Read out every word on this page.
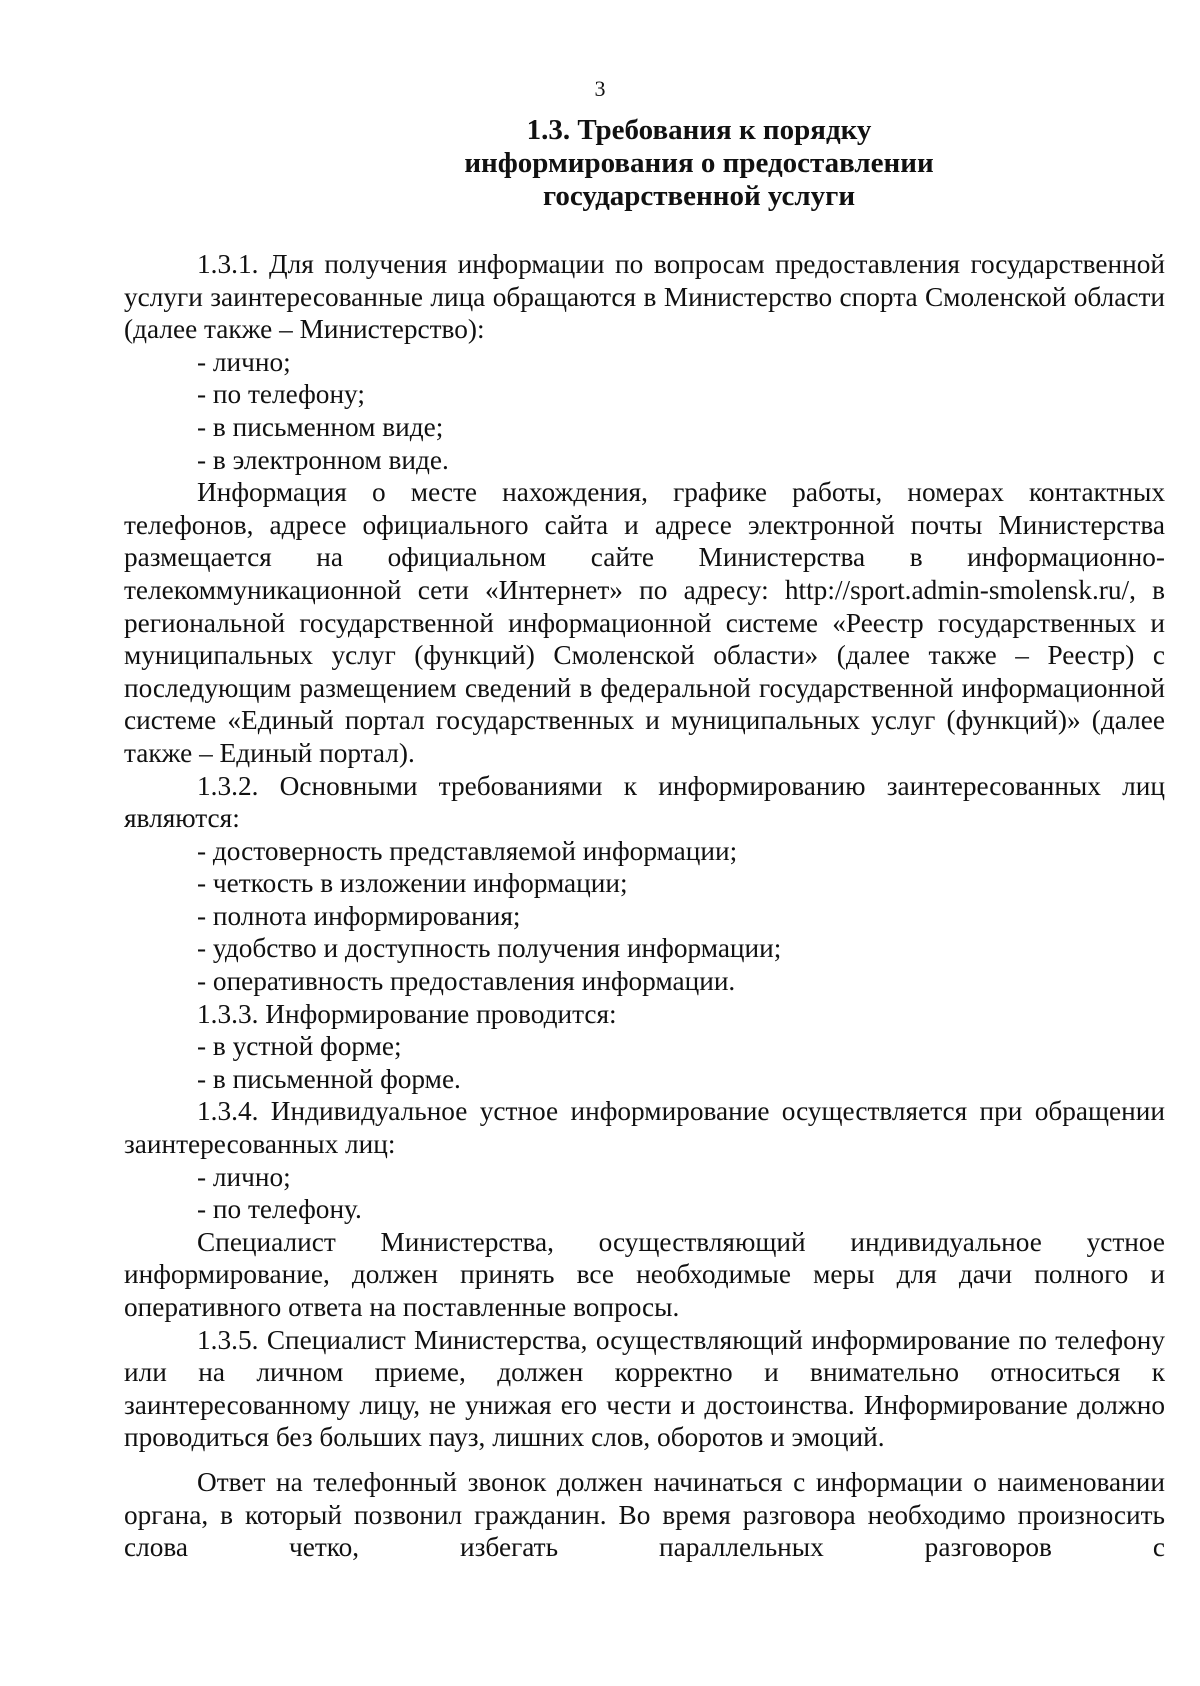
3
1.3. Требования к порядку
информирования о предоставлении
государственной услуги

1.3.1. Для получения информации по вопросам предоставления государственной услуги заинтересованные лица обращаются в Министерство спорта Смоленской области (далее также – Министерство):

- лично;

- по телефону;

- в письменном виде;

- в электронном виде.

Информация о месте нахождения, графике работы, номерах контактных телефонов, адресе официального сайта и адресе электронной почты Министерства размещается на официальном сайте Министерства в информационно-телекоммуникационной сети «Интернет» по адресу: http://sport.admin-smolensk.ru/, в региональной государственной информационной системе «Реестр государственных и муниципальных услуг (функций) Смоленской области» (далее также – Реестр) с последующим размещением сведений в федеральной государственной информационной системе «Единый портал государственных и муниципальных услуг (функций)» (далее также – Единый портал).

1.3.2. Основными требованиями к информированию заинтересованных лиц являются:

- достоверность представляемой информации;

- четкость в изложении информации;

- полнота информирования;

- удобство и доступность получения информации;

- оперативность предоставления информации.

1.3.3. Информирование проводится:

- в устной форме;

- в письменной форме.

1.3.4. Индивидуальное устное информирование осуществляется при обращении заинтересованных лиц:

- лично;

- по телефону.

Специалист Министерства, осуществляющий индивидуальное устное информирование, должен принять все необходимые меры для дачи полного и оперативного ответа на поставленные вопросы.

1.3.5. Специалист Министерства, осуществляющий информирование по телефону или на личном приеме, должен корректно и внимательно относиться к заинтересованному лицу, не унижая его чести и достоинства. Информирование должно проводиться без больших пауз, лишних слов, оборотов и эмоций.

Ответ на телефонный звонок должен начинаться с информации о наименовании органа, в который позвонил гражданин. Во время разговора необходимо произносить слова четко, избегать параллельных разговоров с
